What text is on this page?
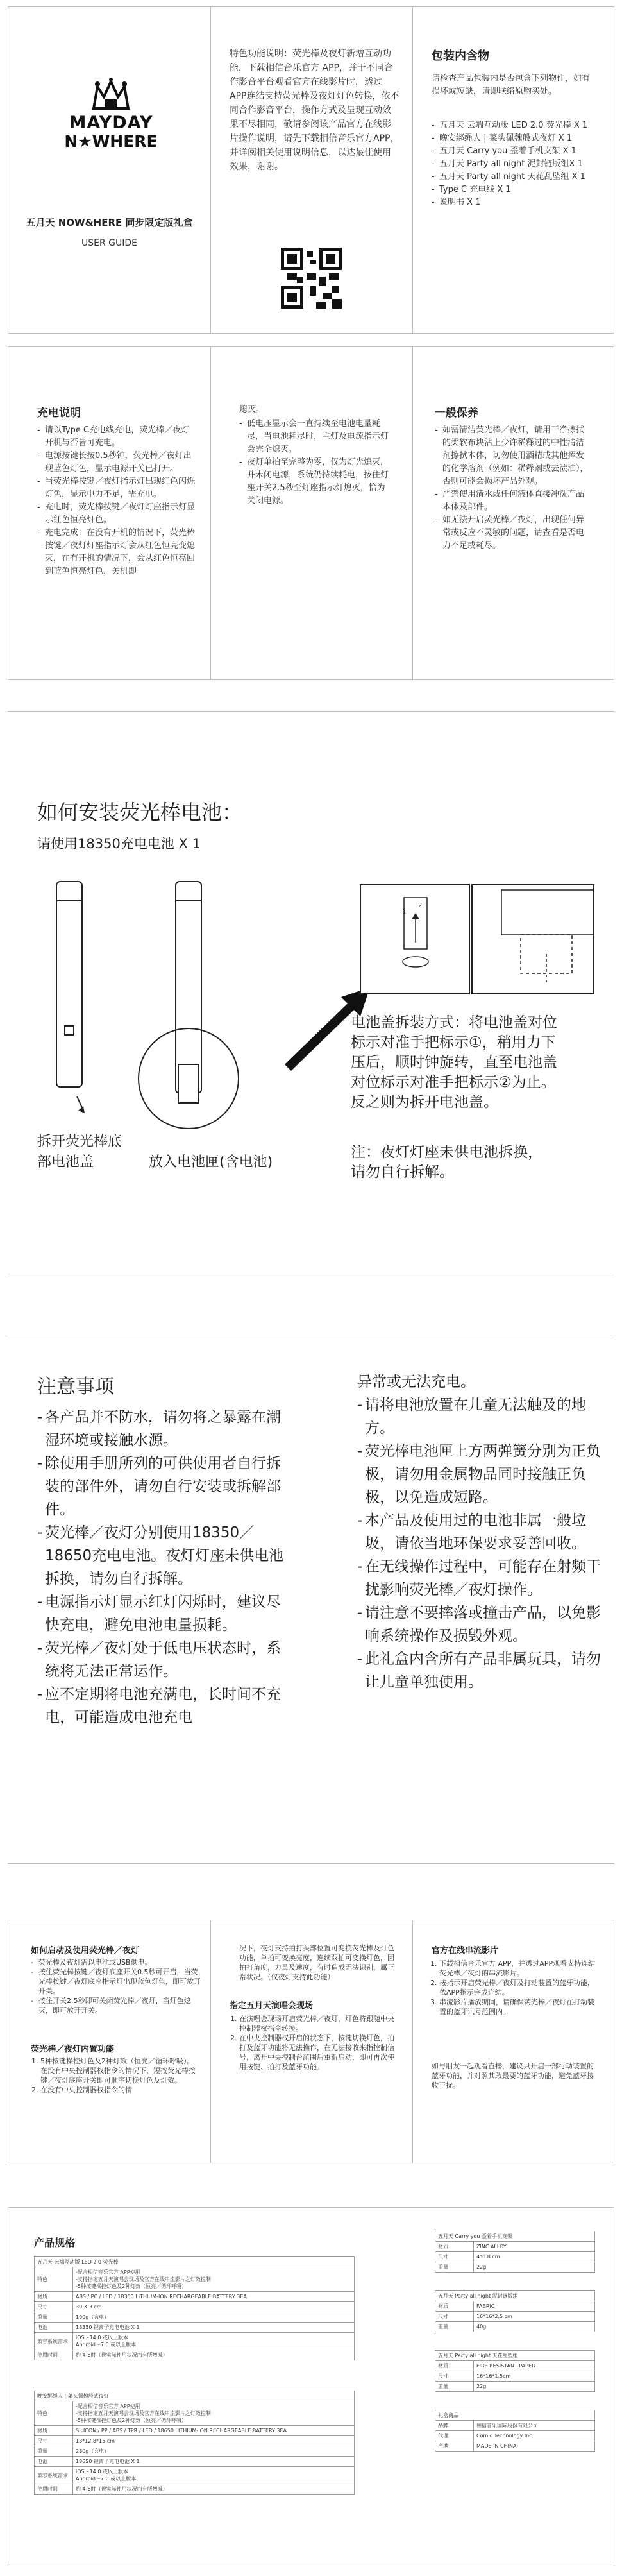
MAYDAY
N★WHERE
五月天 NOW&HERE 同步限定版礼盒
USER GUIDE
特色功能说明：荧光棒及夜灯新增互动功能，下载相信音乐官方 APP，并于不同合作影音平台观看官方在线影片时，透过 APP连结支持荧光棒及夜灯灯色转换，依不同合作影音平台，操作方式及呈现互动效果不尽相同，敬请参阅该产品官方在线影片操作说明，请先下载相信音乐官方APP，并详阅相关使用说明信息，以达最佳使用效果，谢谢。
包装内含物
请检查产品包装内是否包含下列物件，如有损坏或短缺，请即联络原购买处。
- 五月天 云端互动版 LED 2.0 荧光棒 X 1
- 晚安绑绳人 | 菜头佩魏般式夜灯 X 1
- 五月天 Carry you 歪着手机支架 X 1
- 五月天 Party all night 泥封链版组X 1
- 五月天 Party all night 天花乱坠组 X 1
- Type C 充电线 X 1
- 说明书 X 1
充电说明
- 请以Type C充电线充电，荧光棒／夜灯开机与否皆可充电。
- 电源按键长按0.5秒钟，荧光棒／夜灯出现蓝色灯色，显示电源开关已打开。
- 当荧光棒按键／夜灯指示灯出现红色闪烁灯色，显示电力不足，需充电。
- 充电时，荧光棒按键／夜灯灯座指示灯显示红色恒亮灯色。
- 充电完成：在没有开机的情况下，荧光棒按键／夜灯灯座指示灯会从红色恒亮变熄灭，在有开机的情况下，会从红色恒亮回到蓝色恒亮灯色，关机即
熄灭。
- 低电压显示会一直持续至电池电量耗尽，当电池耗尽时，主灯及电源指示灯会完全熄灭。
- 夜灯单拍至完整为零，仅为灯光熄灭，并未闭电源，系统仍持续耗电，按住灯座开关2.5秒至灯座指示灯熄灭，恰为关闭电源。
一般保养
- 如需清洁荧光棒／夜灯，请用干净擦拭的柔软布块沾上少许稀释过的中性清洁剂擦拭本体，切勿使用酒精或其他挥发的化学溶剂（例如：稀释剂或去渍油），否则可能会损坏产品外观。
- 严禁使用清水或任何液体直接冲洗产品本体及部件。
- 如无法开启荧光棒／夜灯，出现任何异常或反应不灵敏的问题，请查看是否电力不足或耗尽。
如何安装荧光棒电池：
请使用18350充电电池 X 1
1
2
电池盖拆装方式：将电池盖对位标示对准手把标示①，稍用力下压后，顺时钟旋转，直至电池盖对位标示对准手把标示②为止。反之则为拆开电池盖。
注：夜灯灯座未供电池拆换，请勿自行拆解。
拆开荧光棒底部电池盖	放入电池匣(含电池)
注意事项
- 各产品并不防水，请勿将之暴露在潮湿环境或接触水源。
- 除使用手册所列的可供使用者自行拆装的部件外，请勿自行安装或拆解部件。
- 荧光棒／夜灯分别使用18350／18650充电电池。夜灯灯座未供电池拆换，请勿自行拆解。
- 电源指示灯显示红灯闪烁时，建议尽快充电，避免电池电量损耗。
- 荧光棒／夜灯处于低电压状态时，系统将无法正常运作。
- 应不定期将电池充满电，长时间不充电，可能造成电池充电
异常或无法充电。
- 请将电池放置在儿童无法触及的地方。
- 荧光棒电池匣上方两弹簧分别为正负极，请勿用金属物品同时接触正负极，以免造成短路。
- 本产品及使用过的电池非属一般垃圾，请依当地环保要求妥善回收。
- 在无线操作过程中，可能存在射频干扰影响荧光棒／夜灯操作。
- 请注意不要摔落或撞击产品，以免影响系统操作及损毁外观。
- 此礼盒内含所有产品非属玩具，请勿让儿童单独使用。
如何启动及使用荧光棒／夜灯
- 荧光棒及夜灯需以电池或USB供电。
- 按住荧光棒按键／夜灯底座开关0.5秒可开启，当荧光棒按键／夜灯底座指示灯出现蓝色灯色，即可放开开关。
- 按住开关2.5秒即可关闭荧光棒／夜灯，当灯色熄灭，即可放开开关。
荧光棒／夜灯内置功能
1. 5种按键操控灯色及2种灯效（恒亮／循环呼吸）。在没有中央控制器权指令的情况下，短按荧光棒按键／夜灯底座开关即可顺序切换灯色及灯效。
2. 在没有中央控制器权指令的情
况下，夜灯支持拍打头部位置可变换荧光棒及灯色功能，单拍可变换亮度，连续双拍可变换灯色，因拍打角度，力量及速度，有时造成无法识别，属正常状况。（仅夜灯支持此功能）
指定五月天演唱会现场
1. 在演唱会现场开启荧光棒／夜灯，灯色将跟随中央控制器权指令转换。
2. 在中央控制器权开启的状态下，按键切换灯色，拍打及蓝牙功能将无法操作，在无法接收来指控制信号，离开中央控制台范围后重新启动，即可再次使用按键、拍打及蓝牙功能。
官方在线串流影片
1. 下载相信音乐官方 APP，并透过APP观看支持连结荧光棒／夜灯的串流影片。
2. 按指示开启荧光棒／夜灯及打动装置的蓝牙功能，依APP指示完成连结。
3. 串流影片播放期间，请确保荧光棒／夜灯在打动装置的蓝牙讯号范围内。
如与朋友一起观看直播，建议只开启一部行动装置的蓝牙功能，并对照其敢最要的蓝牙功能，避免蓝牙接收干扰。
产品规格
五月天 云端互动版 LED 2.0 荧光棒	
特色	-配合相信音乐官方 APP使用
-支持指定五月天演唱会现场及官方在线串流影片之灯效控制
-5种按键操控灯色及2种灯效（恒亮／循环呼吸）
材质	ABS / PC / LED / 18350 LITHIUM-ION RECHARGEABLE BATTERY 3EA
尺寸	30 X 3 cm
重量	100g（含电）
电池	18350 锂离子充电电池 X 1
兼容系统需求	iOS～14.0 或以上版本
Android～7.0 或以上版本
使用时间	约 4-6时（视实际使用状况而有所增减）
晚安绑绳人 | 菜头佩魏般式夜灯	
特色	-配合相信音乐官方 APP使用
-支持指定五月天演唱会现场及官方在线串流影片之灯效控制
-5种按键操控灯色及2种灯效（恒亮／循环呼吸）
材质	SILICON / PP / ABS / TPR / LED / 18650 LITHIUM-ION RECHARGEABLE BATTERY 3EA
尺寸	13*12.8*15 cm
重量	280g（含电）
电池	18650 锂离子充电电池 X 1
兼容系统需求	iOS～14.0 或以上版本
Android～7.0 或以上版本
使用时间	约 4-6时（视实际使用状况而有所增减）
五月天 Carry you 歪着手机支架	
材质	ZINC ALLOY
尺寸	4*0.8 cm
重量	22g
五月天 Party all night 泥封链版组	
材质	FABRIC
尺寸	16*16*2.5 cm
重量	40g
五月天 Party all night 天花乱坠组	
材质	FIRE RESISTANT PAPER
尺寸	16*16*1.5cm
重量	22g
礼盒商品	
品牌	相信音乐国际股份有限公司
代理	Comic Technology Inc.
产地	MADE IN CHINA
